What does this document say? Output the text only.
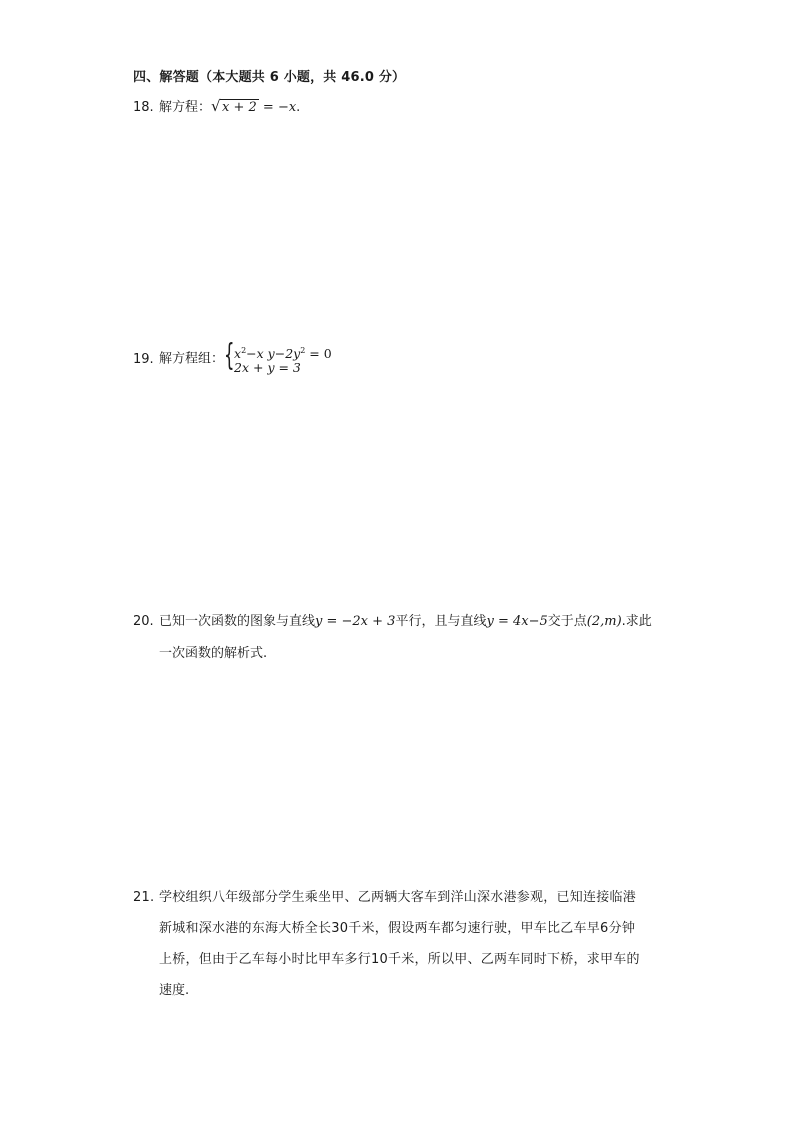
四、解答题（本大题共 6 小题，共 46.0 分）
18. 解方程： √ x + 2 = −x.
19. 解方程组： { $x^2-x$ $y-2y^2 = 0$
2x + y = 3
20. 已知一次函数的图象与直线y = −2x + 3平行，且与直线y = 4x−5交于点(2,m).求此
一次函数的解析式.
21. 学校组织八年级部分学生乘坐甲、乙两辆大客车到洋山深水港参观，已知连接临港
新城和深水港的东海大桥全长30千米，假设两车都匀速行驶，甲车比乙车早6分钟
上桥，但由于乙车每小时比甲车多行10千米，所以甲、乙两车同时下桥，求甲车的
速度.
